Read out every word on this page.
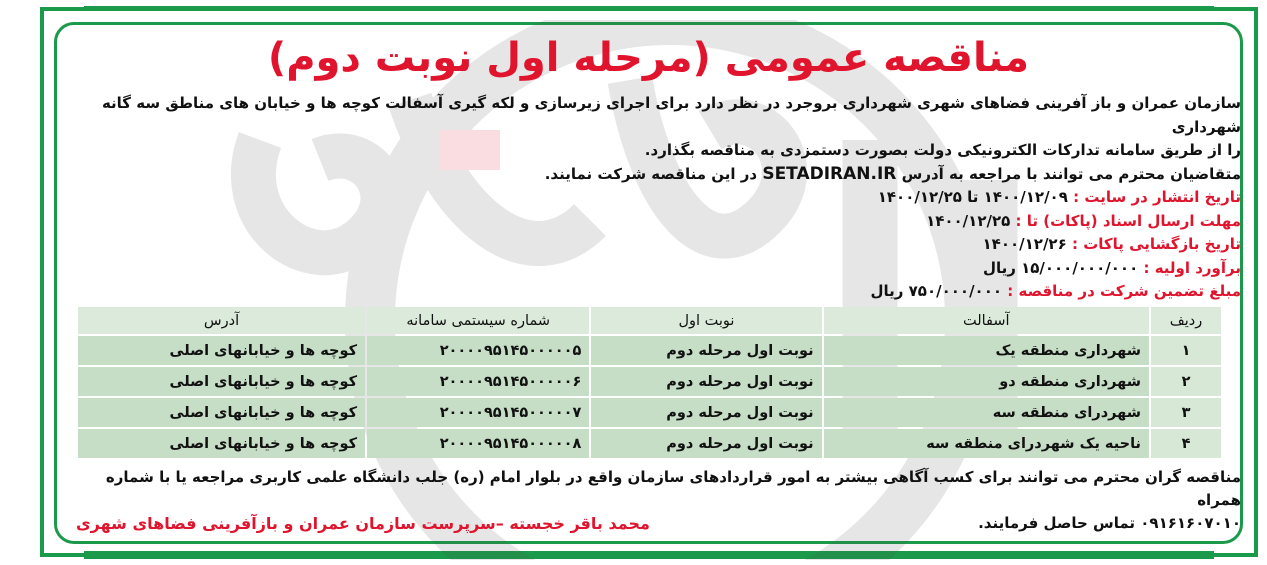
مناقصه عمومی (مرحله اول نوبت دوم)

سازمان عمران و باز آفرینی فضاهای شهری شهرداری بروجرد در نظر دارد برای اجرای زیرسازی و لکه گیری آسفالت کوچه ها و خیابان های مناطق سه گانه شهرداری

را از طریق سامانه تدارکات الکترونیکی دولت بصورت دستمزدی به مناقصه بگذارد.

متقاضیان محترم می توانند با مراجعه به آدرس SETADIRAN.IR در این مناقصه شرکت نمایند.

تاریخ انتشار در سایت : ۱۴۰۰/۱۲/۰۹ تا ۱۴۰۰/۱۲/۲۵

مهلت ارسال اسناد (پاکات) تا : ۱۴۰۰/۱۲/۲۵

تاریخ بازگشایی پاکات : ۱۴۰۰/۱۲/۲۶

برآورد اولیه : ۱۵/۰۰۰/۰۰۰/۰۰۰ ریال

مبلغ تضمین شرکت در مناقصه : ۷۵۰/۰۰۰/۰۰۰ ریال

ردیف	آسفالت	نوبت اول	شماره سیستمی سامانه	آدرس
۱	شهرداری منطقه یک	نوبت اول مرحله دوم	۲۰۰۰۰۹۵۱۴۵۰۰۰۰۰۵	کوچه ها و خیابانهای اصلی
۲	شهرداری منطقه دو	نوبت اول مرحله دوم	۲۰۰۰۰۹۵۱۴۵۰۰۰۰۰۶	کوچه ها و خیابانهای اصلی
۳	شهردرای منطقه سه	نوبت اول مرحله دوم	۲۰۰۰۰۹۵۱۴۵۰۰۰۰۰۷	کوچه ها و خیابانهای اصلی
۴	ناحیه یک شهردرای منطقه سه	نوبت اول مرحله دوم	۲۰۰۰۰۹۵۱۴۵۰۰۰۰۰۸	کوچه ها و خیابانهای اصلی

مناقصه گران محترم می توانند برای کسب آگاهی بیشتر به امور قراردادهای سازمان واقع در بلوار امام (ره) جلب دانشگاه علمی کاربری مراجعه یا با شماره همراه

۰۹۱۶۱۶۰۷۰۱۰ تماس حاصل فرمایند.

محمد باقر خجسته –سرپرست سازمان عمران و بازآفرینی فضاهای شهری
